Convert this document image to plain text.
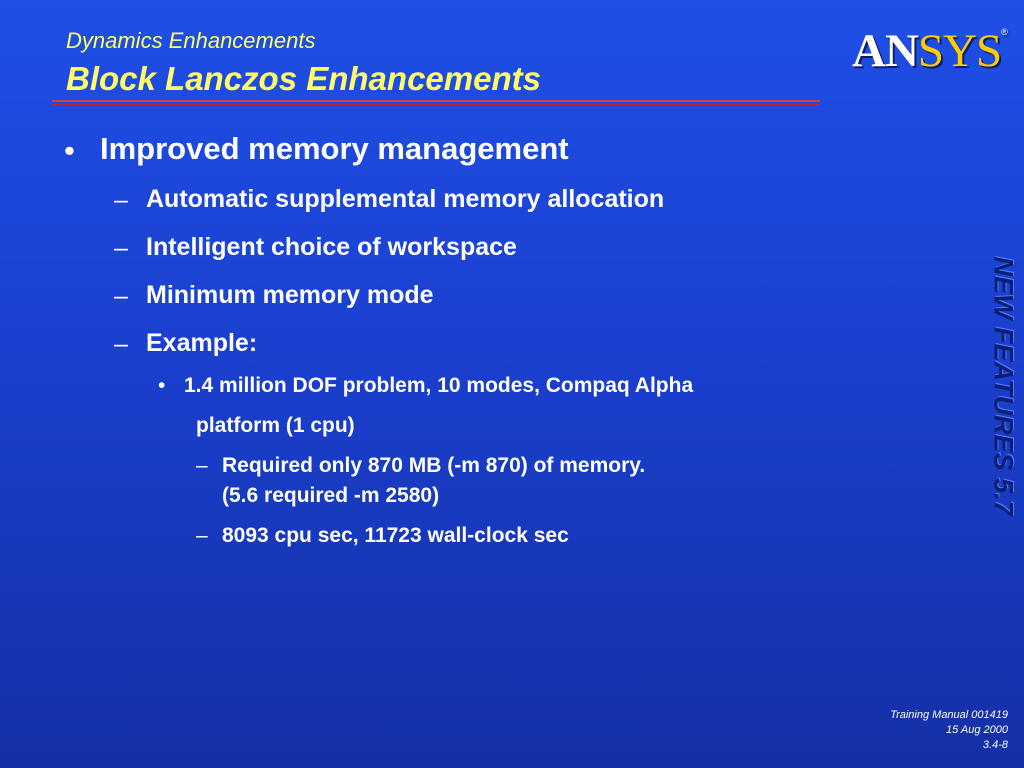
Dynamics Enhancements
Block Lanczos Enhancements
ANSYS®
NEW FEATURES 5.7
• Improved memory management
– Automatic supplemental memory allocation
– Intelligent choice of workspace
– Minimum memory mode
– Example:
• 1.4 million DOF problem, 10 modes, Compaq Alpha
platform (1 cpu)
– Required only 870 MB (-m 870) of memory.
(5.6 required -m 2580)
– 8093 cpu sec, 11723 wall-clock sec
Training Manual 001419
15 Aug 2000
3.4-8
